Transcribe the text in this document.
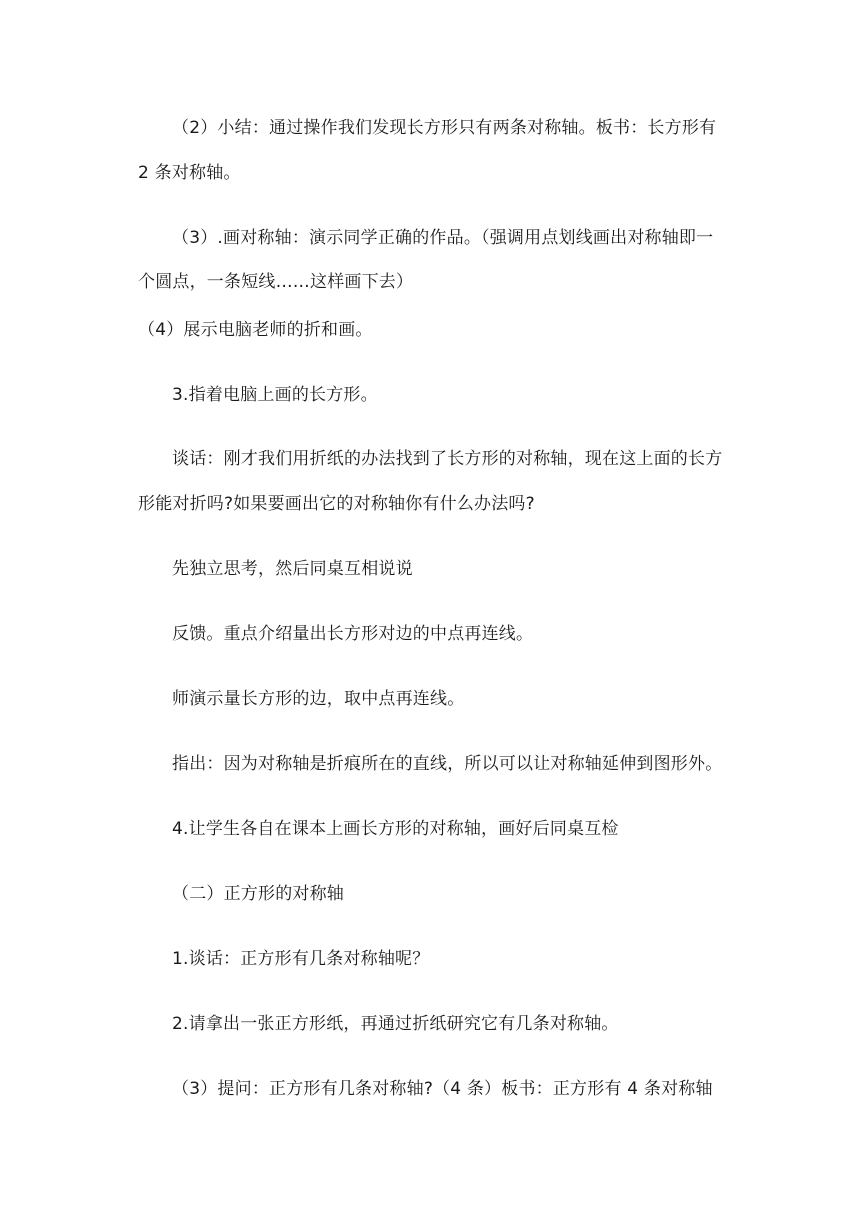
（2）小结：通过操作我们发现长方形只有两条对称轴。板书：长方形有
2 条对称轴。
（3）.画对称轴：演示同学正确的作品。（强调用点划线画出对称轴即一
个圆点，一条短线……这样画下去）
（4）展示电脑老师的折和画。
3.指着电脑上画的长方形。
谈话：刚才我们用折纸的办法找到了长方形的对称轴，现在这上面的长方
形能对折吗?如果要画出它的对称轴你有什么办法吗?
先独立思考，然后同桌互相说说
反馈。重点介绍量出长方形对边的中点再连线。
师演示量长方形的边，取中点再连线。
指出：因为对称轴是折痕所在的直线，所以可以让对称轴延伸到图形外。
4.让学生各自在课本上画长方形的对称轴，画好后同桌互检
（二）正方形的对称轴
1.谈话：正方形有几条对称轴呢？
2.请拿出一张正方形纸，再通过折纸研究它有几条对称轴。
（3）提问：正方形有几条对称轴?（4 条）板书：正方形有 4 条对称轴
